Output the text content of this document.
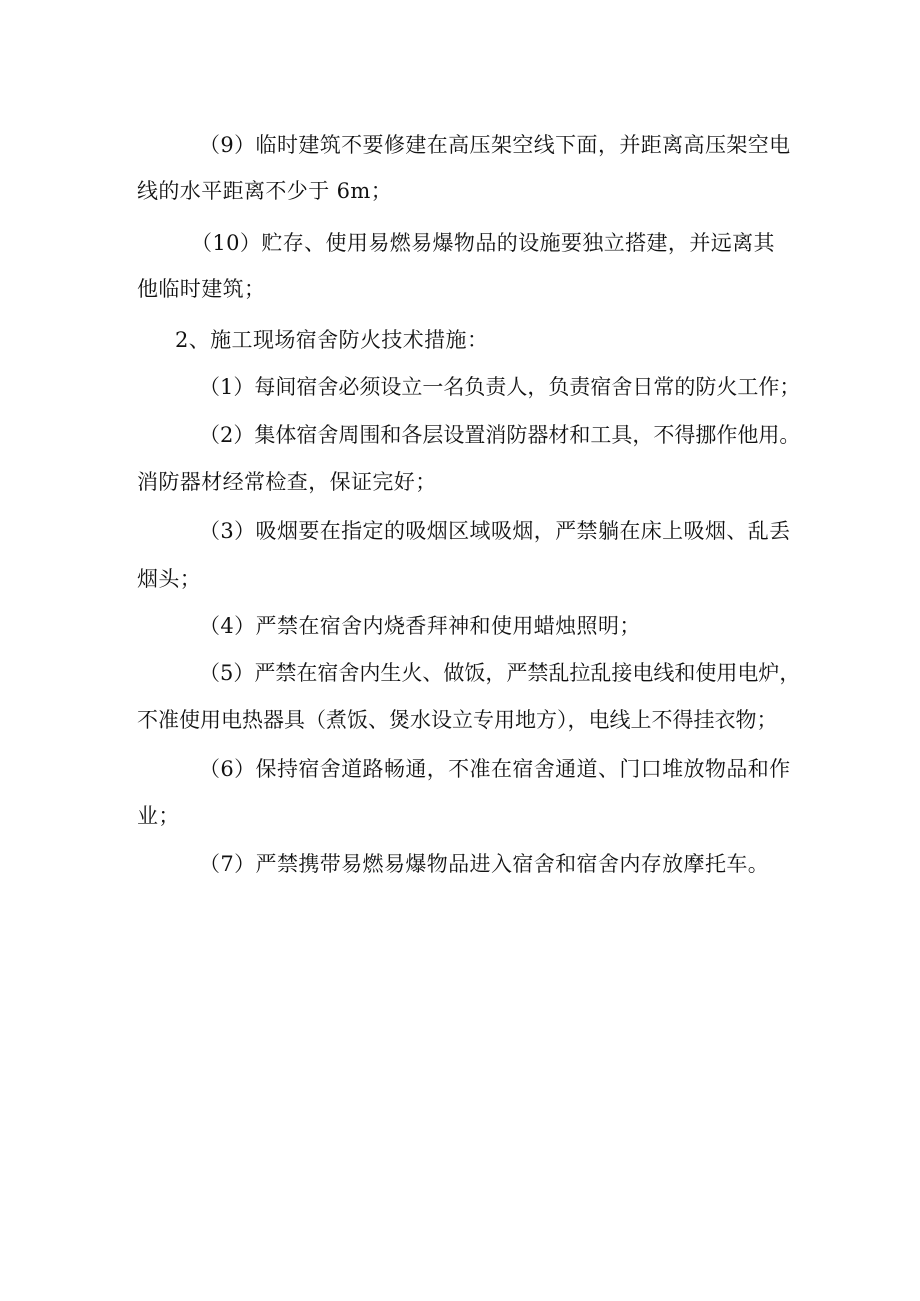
（9）临时建筑不要修建在高压架空线下面，并距离高压架空电
线的水平距离不少于 6m；
（10）贮存、使用易燃易爆物品的设施要独立搭建，并远离其
他临时建筑；
2、施工现场宿舍防火技术措施：
（1）每间宿舍必须设立一名负责人，负责宿舍日常的防火工作；
（2）集体宿舍周围和各层设置消防器材和工具，不得挪作他用。
消防器材经常检查，保证完好；
（3）吸烟要在指定的吸烟区域吸烟，严禁躺在床上吸烟、乱丢
烟头；
（4）严禁在宿舍内烧香拜神和使用蜡烛照明；
（5）严禁在宿舍内生火、做饭，严禁乱拉乱接电线和使用电炉，
不准使用电热器具（煮饭、煲水设立专用地方），电线上不得挂衣物；
（6）保持宿舍道路畅通，不准在宿舍通道、门口堆放物品和作
业；
（7）严禁携带易燃易爆物品进入宿舍和宿舍内存放摩托车。
